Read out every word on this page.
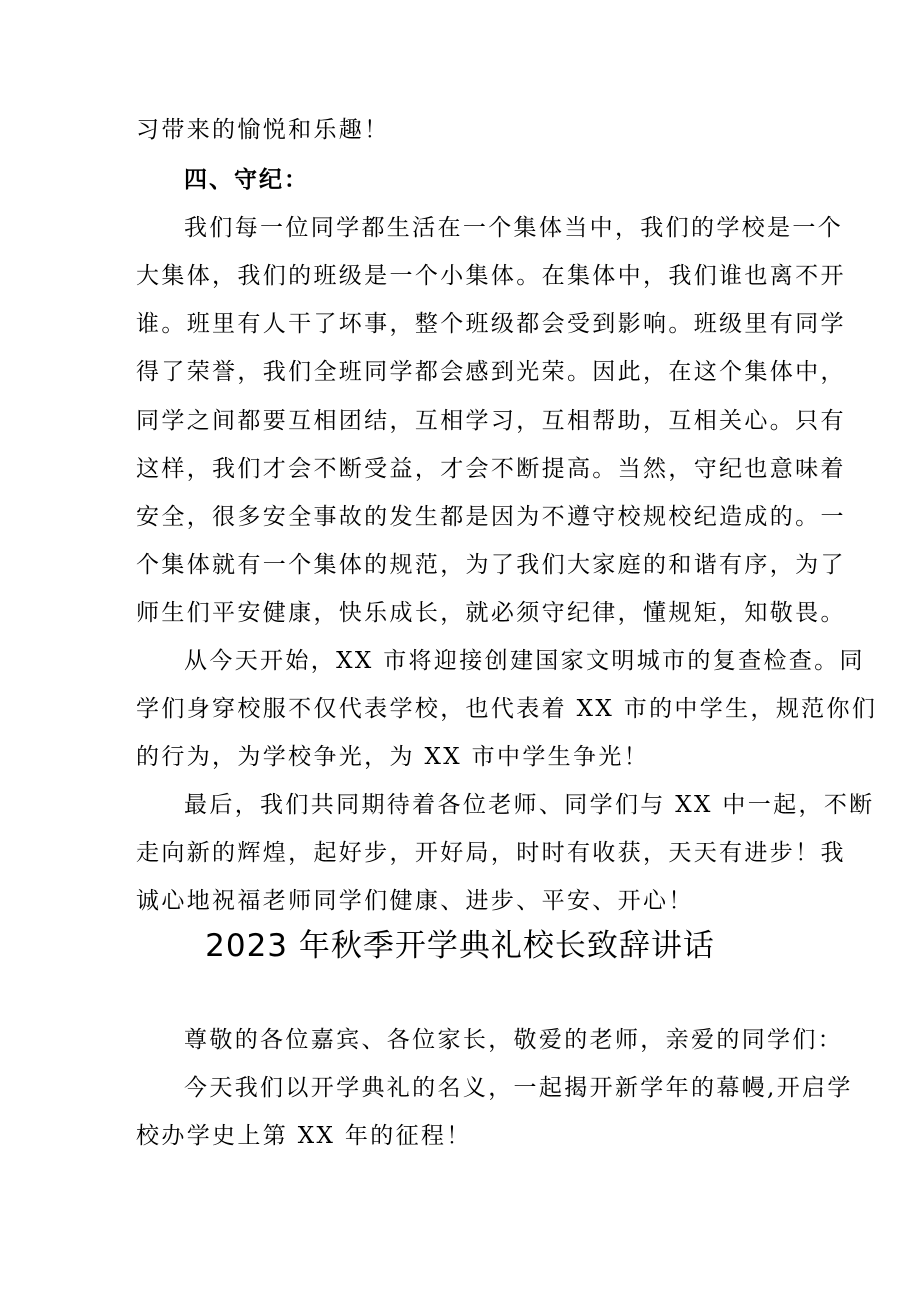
习带来的愉悦和乐趣！
四、守纪：
我们每一位同学都生活在一个集体当中，我们的学校是一个
大集体，我们的班级是一个小集体。在集体中，我们谁也离不开
谁。班里有人干了坏事，整个班级都会受到影响。班级里有同学
得了荣誉，我们全班同学都会感到光荣。因此，在这个集体中，
同学之间都要互相团结，互相学习，互相帮助，互相关心。只有
这样，我们才会不断受益，才会不断提高。当然，守纪也意味着
安全，很多安全事故的发生都是因为不遵守校规校纪造成的。一
个集体就有一个集体的规范，为了我们大家庭的和谐有序，为了
师生们平安健康，快乐成长，就必须守纪律，懂规矩，知敬畏。
从今天开始，XX 市将迎接创建国家文明城市的复查检查。同
学们身穿校服不仅代表学校，也代表着 XX 市的中学生，规范你们
的行为，为学校争光，为 XX 市中学生争光！
最后，我们共同期待着各位老师、同学们与 XX 中一起，不断
走向新的辉煌，起好步，开好局，时时有收获，天天有进步！我
诚心地祝福老师同学们健康、进步、平安、开心！
2023 年秋季开学典礼校长致辞讲话
尊敬的各位嘉宾、各位家长，敬爱的老师，亲爱的同学们：
今天我们以开学典礼的名义，一起揭开新学年的幕幔,开启学
校办学史上第 XX 年的征程！
